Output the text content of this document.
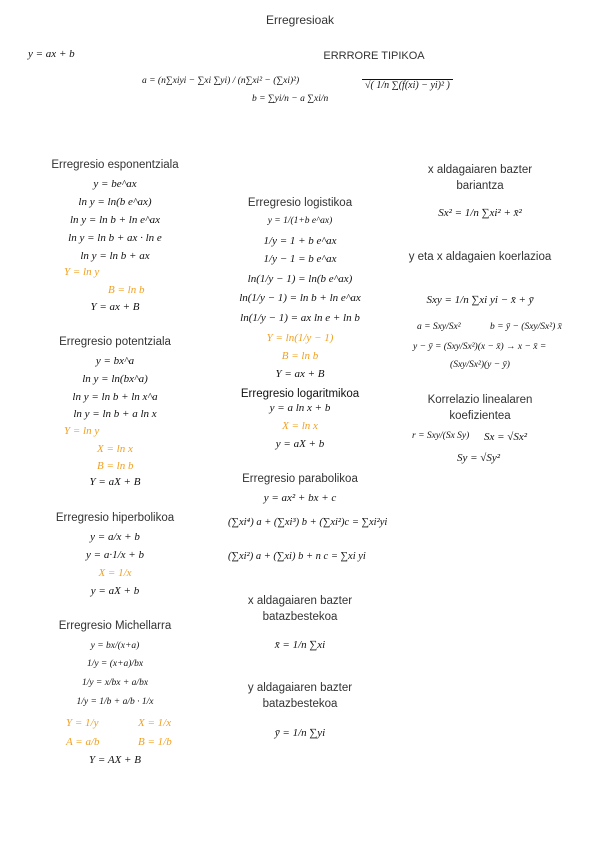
Erregresioak
y = ax + b
a = (n∑xiyi − ∑xi ∑yi) / (n∑xi² − (∑xi)²)
b = ∑yi/n − a ∑xi/n
ERRRORE TIPIKOA
√( 1/n ∑(f(xi) − yi)² )
Erregresio esponentziala
y = be^ax
ln y = ln(b e^ax)
ln y = ln b + ln e^ax
ln y = ln b + ax · ln e
ln y = ln b + ax
Y = ln y
B = ln b
Y = ax + B
Erregresio potentziala
y = bx^a
ln y = ln(bx^a)
ln y = ln b + ln x^a
ln y = ln b + a ln x
Y = ln y
X = ln x
B = ln b
Y = aX + B
Erregresio hiperbolikoa
y = a/x + b
y = a·1/x + b
X = 1/x
y = aX + b
Erregresio Michellarra
y = bx/(x+a)
1/y = (x+a)/bx
1/y = x/bx + a/bx
1/y = 1/b + a/b · 1/x
Y = 1/y	X = 1/x
A = a/b	B = 1/b
Y = AX + B
Erregresio logistikoa
y = 1/(1+b e^ax)
1/y = 1 + b e^ax
1/y − 1 = b e^ax
ln(1/y − 1) = ln(b e^ax)
ln(1/y − 1) = ln b + ln e^ax
ln(1/y − 1) = ax ln e + ln b
Y = ln(1/y − 1)
B = ln b
Y = ax + B
Erregresio logaritmikoa
y = a ln x + b
X = ln x
y = aX + b
Erregresio parabolikoa
y = ax² + bx + c
(∑xi⁴) a + (∑xi³) b + (∑xi²)c = ∑xi²yi
(∑xi²) a + (∑xi) b + n c = ∑xi yi
x aldagaiaren bazter batazbestekoa
x̄ = 1/n ∑xi
y aldagaiaren bazter batazbestekoa
ȳ = 1/n ∑yi
x aldagaiaren bazter bariantza
Sx² = 1/n ∑xi² + x̄²
y eta x aldagaien koerlazioa
Sxy = 1/n ∑xi yi − x̄ + ȳ
a = Sxy/Sx²	b = ȳ − (Sxy/Sx²) x̄
y − ȳ = (Sxy/Sx²)(x − x̄) → x − x̄ =
(Sxy/Sx²)(y − ȳ)
Korrelazio linealaren koefizientea
r = Sxy/(Sx Sy) Sx = √Sx²
Sy = √Sy²
